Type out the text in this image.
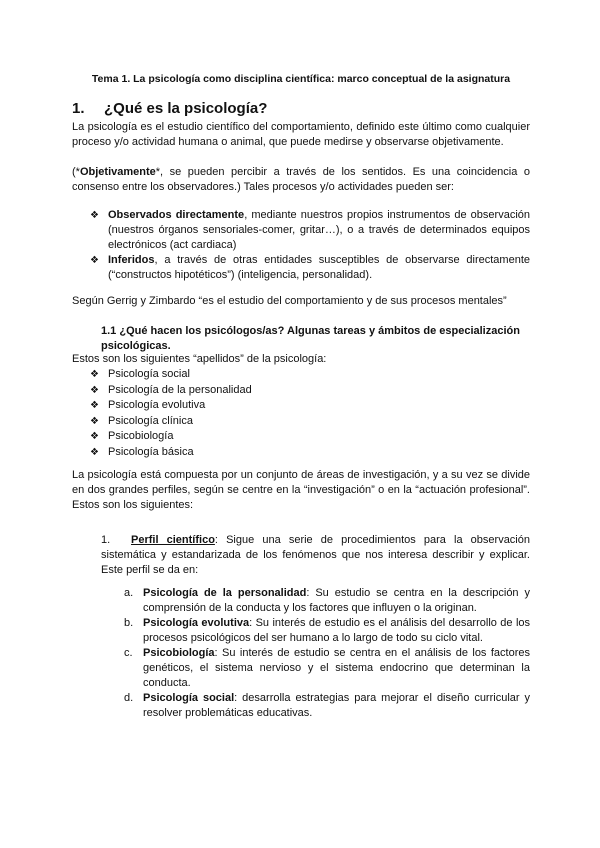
Tema 1. La psicología como disciplina científica: marco conceptual de la asignatura
1. ¿Qué es la psicología?
La psicología es el estudio científico del comportamiento, definido este último como cualquier proceso y/o actividad humana o animal, que puede medirse y observarse objetivamente.
(*Objetivamente*, se pueden percibir a través de los sentidos. Es una coincidencia o consenso entre los observadores.) Tales procesos y/o actividades pueden ser:
❖ Observados directamente, mediante nuestros propios instrumentos de observación (nuestros órganos sensoriales-comer, gritar…), o a través de determinados equipos electrónicos (act cardiaca)
❖ Inferidos, a través de otras entidades susceptibles de observarse directamente (“constructos hipotéticos”) (inteligencia, personalidad).
Según Gerrig y Zimbardo “es el estudio del comportamiento y de sus procesos mentales”
1.1 ¿Qué hacen los psicólogos/as? Algunas tareas y ámbitos de especialización psicológicas.
Estos son los siguientes “apellidos” de la psicología:
❖ Psicología social
❖ Psicología de la personalidad
❖ Psicología evolutiva
❖ Psicología clínica
❖ Psicobiología
❖ Psicología básica
La psicología está compuesta por un conjunto de áreas de investigación, y a su vez se divide en dos grandes perfiles, según se centre en la “investigación” o en la “actuación profesional”. Estos son los siguientes:
1. Perfil científico: Sigue una serie de procedimientos para la observación sistemática y estandarizada de los fenómenos que nos interesa describir y explicar. Este perfil se da en:
a. Psicología de la personalidad: Su estudio se centra en la descripción y comprensión de la conducta y los factores que influyen o la originan.
b. Psicología evolutiva: Su interés de estudio es el análisis del desarrollo de los procesos psicológicos del ser humano a lo largo de todo su ciclo vital.
c. Psicobiología: Su interés de estudio se centra en el análisis de los factores genéticos, el sistema nervioso y el sistema endocrino que determinan la conducta.
d. Psicología social: desarrolla estrategias para mejorar el diseño curricular y resolver problemáticas educativas.
